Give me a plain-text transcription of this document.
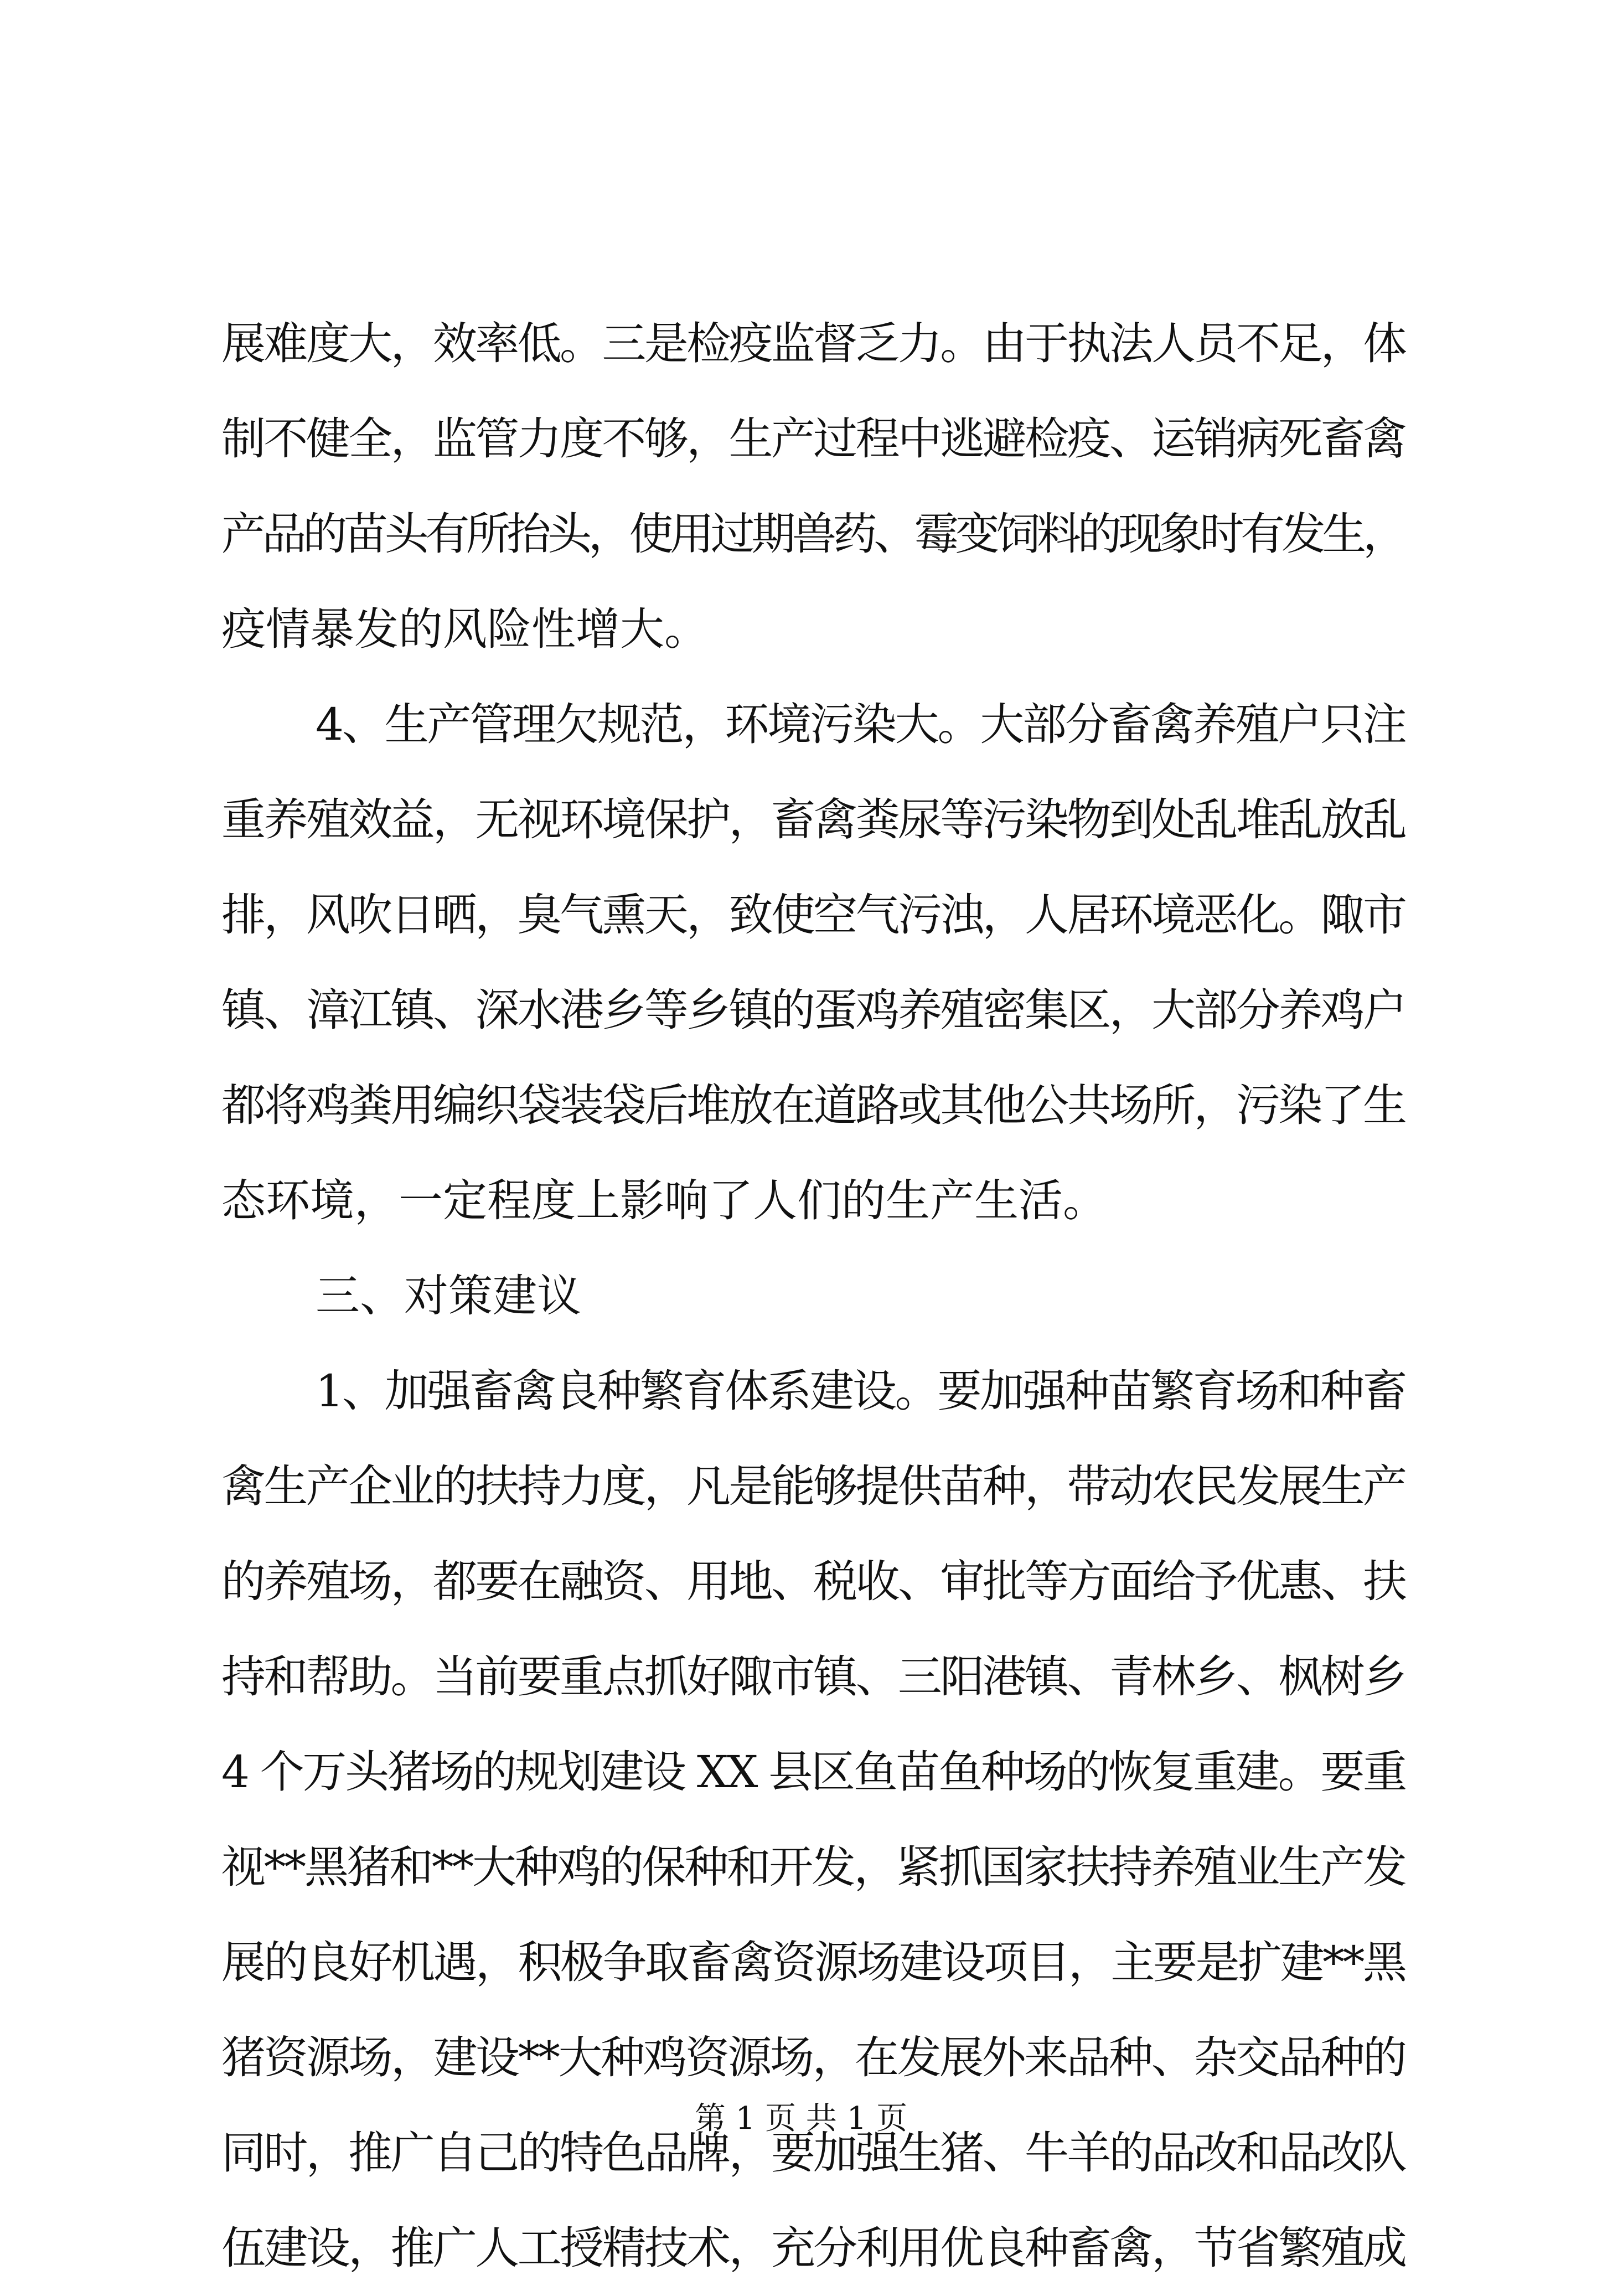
展难度大，效率低。三是检疫监督乏力。由于执法人员不足，体
制不健全，监管力度不够，生产过程中逃避检疫、运销病死畜禽
产品的苗头有所抬头，使用过期兽药、霉变饲料的现象时有发生，
疫情暴发的风险性增大。
4、生产管理欠规范，环境污染大。大部分畜禽养殖户只注
重养殖效益，无视环境保护，畜禽粪尿等污染物到处乱堆乱放乱
排，风吹日晒，臭气熏天，致使空气污浊，人居环境恶化。陬市
镇、漳江镇、深水港乡等乡镇的蛋鸡养殖密集区，大部分养鸡户
都将鸡粪用编织袋装袋后堆放在道路或其他公共场所，污染了生
态环境，一定程度上影响了人们的生产生活。
三、对策建议
1、加强畜禽良种繁育体系建设。要加强种苗繁育场和种畜
禽生产企业的扶持力度，凡是能够提供苗种，带动农民发展生产
的养殖场，都要在融资、用地、税收、审批等方面给予优惠、扶
持和帮助。当前要重点抓好陬市镇、三阳港镇、青林乡、枫树乡
4 个万头猪场的规划建设 XX 县区鱼苗鱼种场的恢复重建。要重
视**黑猪和**大种鸡的保种和开发，紧抓国家扶持养殖业生产发
展的良好机遇，积极争取畜禽资源场建设项目，主要是扩建**黑
猪资源场，建设**大种鸡资源场，在发展外来品种、杂交品种的
同时，推广自己的特色品牌，要加强生猪、牛羊的品改和品改队
伍建设，推广人工授精技术，充分利用优良种畜禽，节省繁殖成
第 1 页 共 1 页
